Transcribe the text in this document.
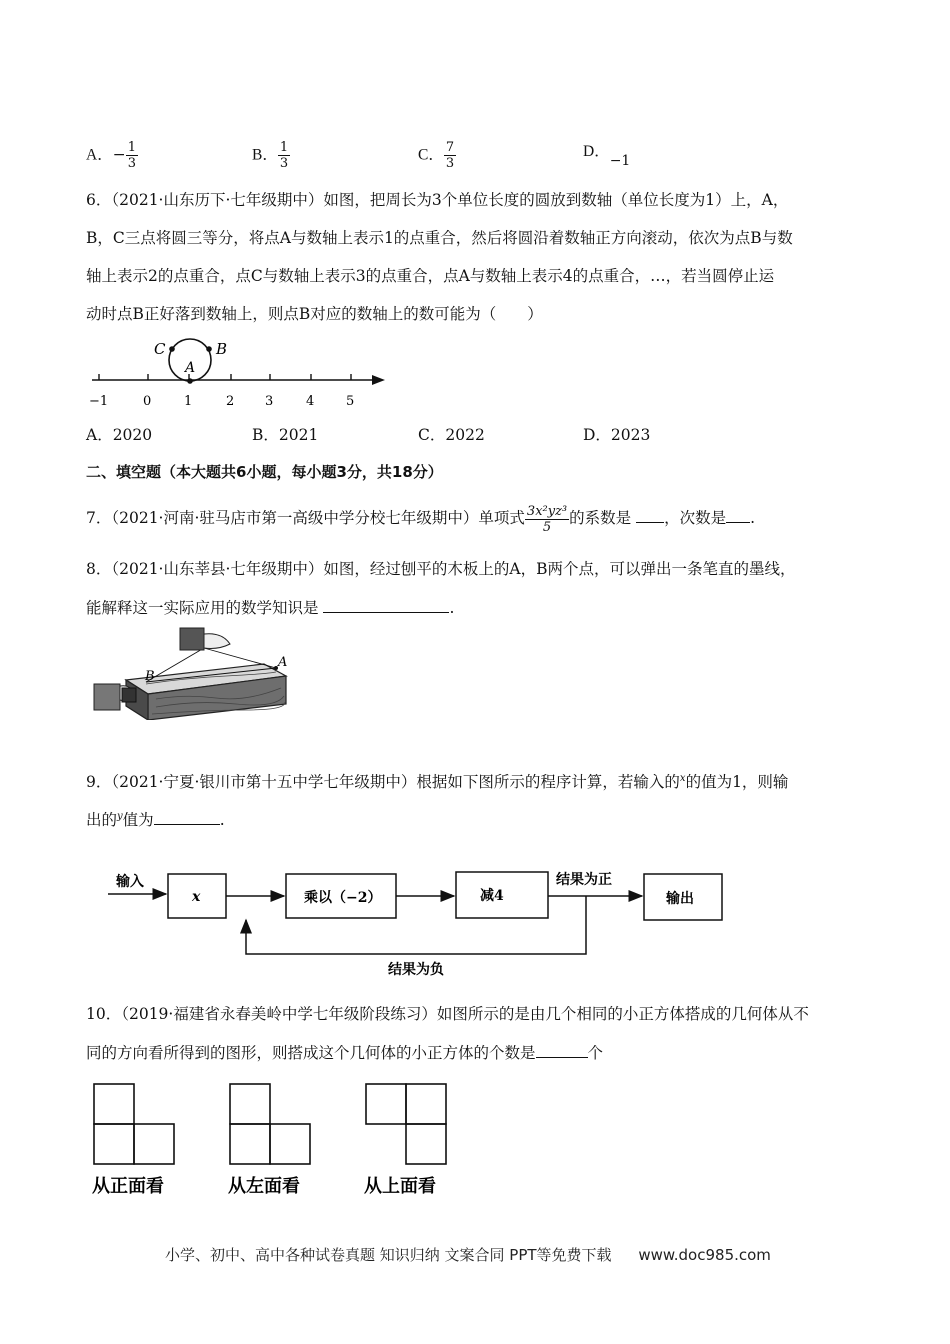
A．− $\frac{1}{3}$	B． $\frac{1}{3}$	C． $\frac{7}{3}$	D．−1
6．（2021·山东历下·七年级期中）如图，把周长为3个单位长度的圆放到数轴（单位长度为1）上，A，
B，C三点将圆三等分，将点A与数轴上表示1的点重合，然后将圆沿着数轴正方向滚动，依次为点B与数
轴上表示2的点重合，点C与数轴上表示3的点重合，点A与数轴上表示4的点重合，…，若当圆停止运
动时点B正好落到数轴上，则点B对应的数轴上的数可能为（　　）
C
A
B
−1	0	1	2 3	4 5
A．2020	B．2021	C．2022	D．2023
二、填空题（本大题共6小题，每小题3分，共18分）
7．（2021·河南·驻马店市第一高级中学分校七年级期中）单项式 $\frac{\text{3x²yz³}}{5}$ 的系数是 ，次数是 .
8．（2021·山东莘县·七年级期中）如图，经过刨平的木板上的A，B两个点，可以弹出一条笔直的墨线，
能解释这一实际应用的数学知识是	.
A
B
9．（2021·宁夏·银川市第十五中学七年级期中）根据如下图所示的程序计算，若输入的$^x$的值为1，则输
出的$^y$值为	.
输入
x	乘以（−2）	减4
结果为正
输出
结果为负
10．（2019·福建省永春美岭中学七年级阶段练习）如图所示的是由几个相同的小正方体搭成的几何体从不
同的方向看所得到的图形，则搭成这个几何体的小正方体的个数是	个
从正面看	从左面看	从上面看
小学、初中、高中各种试卷真题 知识归纳 文案合同 PPT等免费下载 www.doc985.com
